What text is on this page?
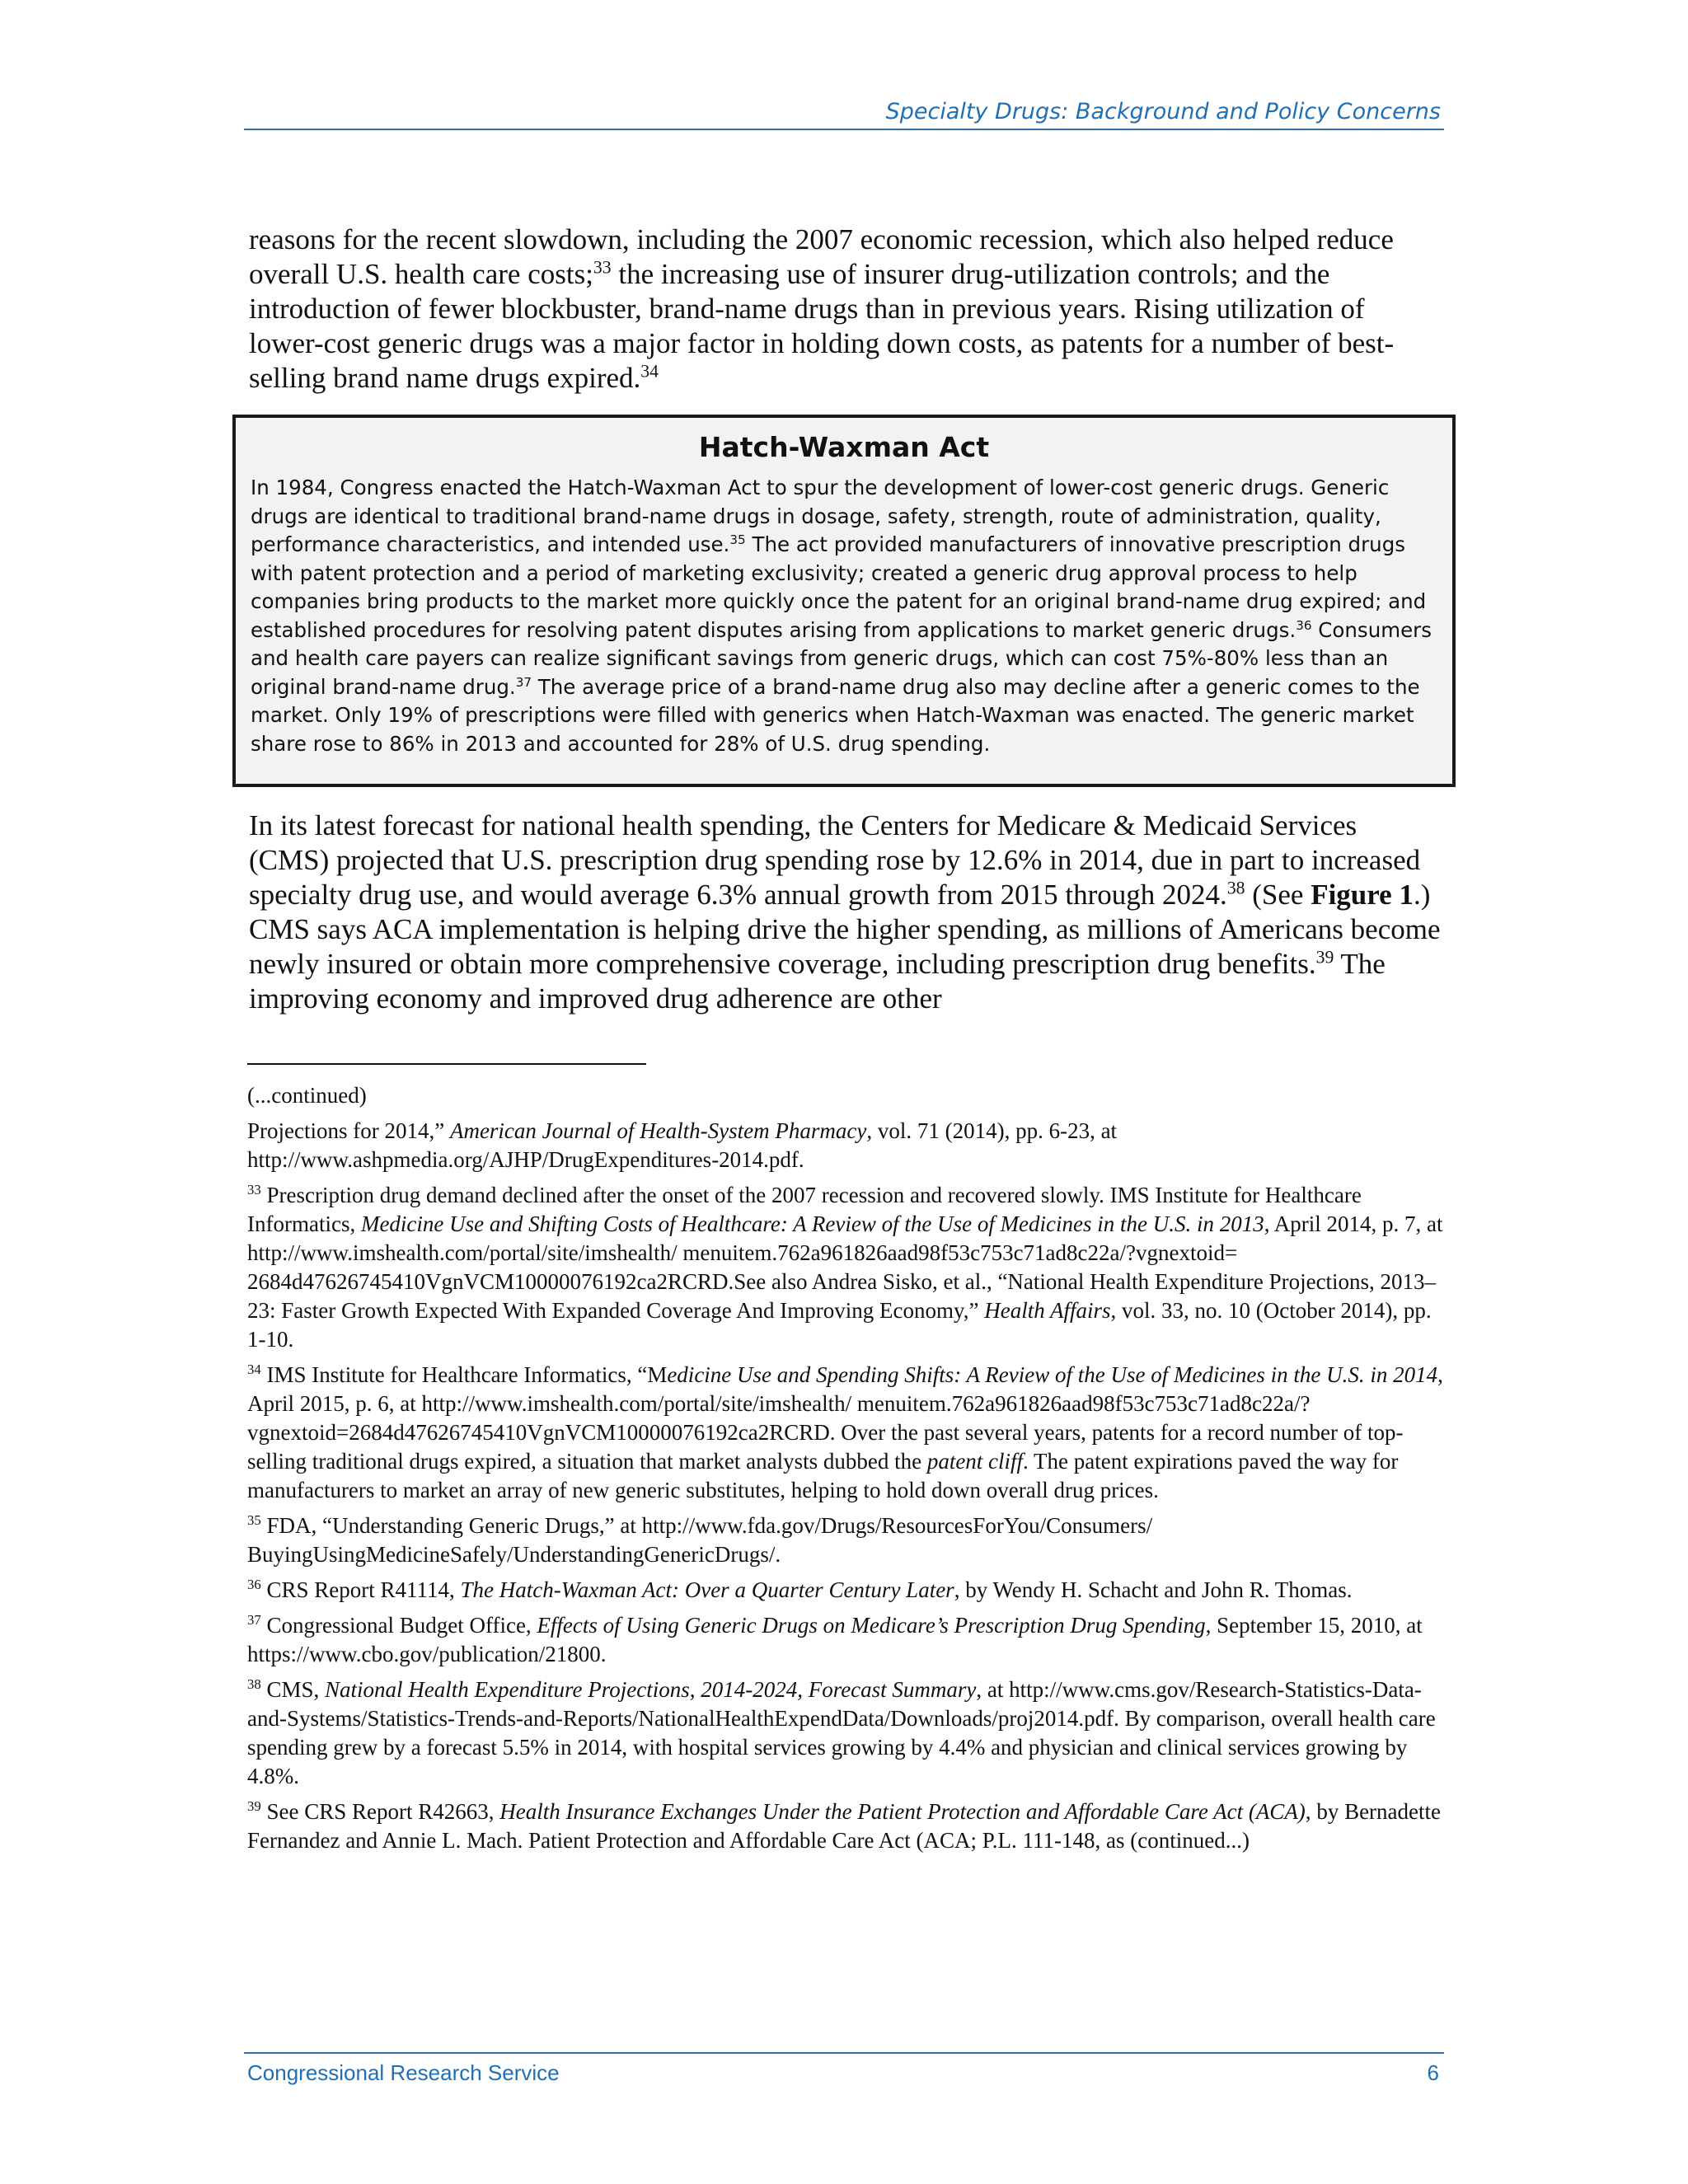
Specialty Drugs: Background and Policy Concerns

reasons for the recent slowdown, including the 2007 economic recession, which also helped reduce overall U.S. health care costs;$^{33}$ the increasing use of insurer drug-utilization controls; and the introduction of fewer blockbuster, brand-name drugs than in previous years. Rising utilization of lower-cost generic drugs was a major factor in holding down costs, as patents for a number of best-selling brand name drugs expired.$^{34}$

Hatch-Waxman Act

In 1984, Congress enacted the Hatch-Waxman Act to spur the development of lower-cost generic drugs. Generic drugs are identical to traditional brand-name drugs in dosage, safety, strength, route of administration, quality, performance characteristics, and intended use.$^{35}$ The act provided manufacturers of innovative prescription drugs with patent protection and a period of marketing exclusivity; created a generic drug approval process to help companies bring products to the market more quickly once the patent for an original brand-name drug expired; and established procedures for resolving patent disputes arising from applications to market generic drugs.$^{36}$ Consumers and health care payers can realize significant savings from generic drugs, which can cost 75%-80% less than an original brand-name drug.$^{37}$ The average price of a brand-name drug also may decline after a generic comes to the market. Only 19% of prescriptions were filled with generics when Hatch-Waxman was enacted. The generic market share rose to 86% in 2013 and accounted for 28% of U.S. drug spending.

In its latest forecast for national health spending, the Centers for Medicare & Medicaid Services (CMS) projected that U.S. prescription drug spending rose by 12.6% in 2014, due in part to increased specialty drug use, and would average 6.3% annual growth from 2015 through 2024.38 (See Figure 1.) CMS says ACA implementation is helping drive the higher spending, as millions of Americans become newly insured or obtain more comprehensive coverage, including prescription drug benefits.$^{39}$ The improving economy and improved drug adherence are other

(...continued)

Projections for 2014,” American Journal of Health-System Pharmacy, vol. 71 (2014), pp. 6-23, at http://www.ashpmedia.org/AJHP/DrugExpenditures-2014.pdf.

$^{33}$ Prescription drug demand declined after the onset of the 2007 recession and recovered slowly. IMS Institute for Healthcare Informatics, Medicine Use and Shifting Costs of Healthcare: A Review of the Use of Medicines in the U.S. in 2013, April 2014, p. 7, at http://www.imshealth.com/portal/site/imshealth/ menuitem.762a961826aad98f53c753c71ad8c22a/?vgnextoid= 2684d47626745410VgnVCM10000076192ca2RCRD.See also Andrea Sisko, et al., “National Health Expenditure Projections, 2013–23: Faster Growth Expected With Expanded Coverage And Improving Economy,” Health Affairs, vol. 33, no. 10 (October 2014), pp. 1-10.

$^{34}$ IMS Institute for Healthcare Informatics, “Medicine Use and Spending Shifts: A Review of the Use of Medicines in the U.S. in 2014, April 2015, p. 6, at http://www.imshealth.com/portal/site/imshealth/ menuitem.762a961826aad98f53c753c71ad8c22a/?vgnextoid=2684d47626745410VgnVCM10000076192ca2RCRD. Over the past several years, patents for a record number of top-selling traditional drugs expired, a situation that market analysts dubbed the patent cliff. The patent expirations paved the way for manufacturers to market an array of new generic substitutes, helping to hold down overall drug prices.

$^{35}$ FDA, “Understanding Generic Drugs,” at http://www.fda.gov/Drugs/ResourcesForYou/Consumers/ BuyingUsingMedicineSafely/UnderstandingGenericDrugs/.

$^{36}$ CRS Report R41114, The Hatch-Waxman Act: Over a Quarter Century Later, by Wendy H. Schacht and John R. Thomas.

$^{37}$ Congressional Budget Office, Effects of Using Generic Drugs on Medicare’s Prescription Drug Spending, September 15, 2010, at https://www.cbo.gov/publication/21800.

$^{38}$ CMS, National Health Expenditure Projections, 2014-2024, Forecast Summary, at http://www.cms.gov/Research-Statistics-Data-and-Systems/Statistics-Trends-and-Reports/NationalHealthExpendData/Downloads/proj2014.pdf. By comparison, overall health care spending grew by a forecast 5.5% in 2014, with hospital services growing by 4.4% and physician and clinical services growing by 4.8%.

$^{39}$ See CRS Report R42663, Health Insurance Exchanges Under the Patient Protection and Affordable Care Act (ACA), by Bernadette Fernandez and Annie L. Mach. Patient Protection and Affordable Care Act (ACA; P.L. 111-148, as (continued...)

Congressional Research Service	6
